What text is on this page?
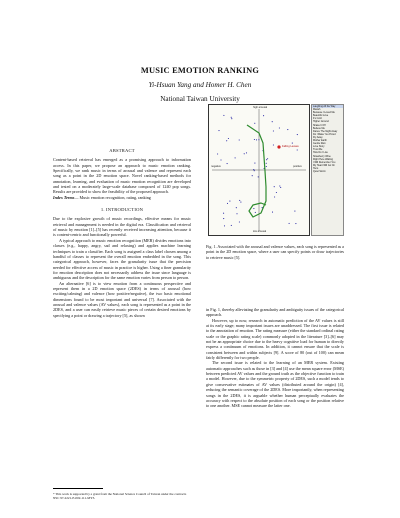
MUSIC EMOTION RANKING
Yi-Hsuan Yang and Homer H. Chen
National Taiwan University
ABSTRACT

Content-based retrieval has emerged as a promising approach to information access. In this paper, we propose an approach to music emotion ranking. Specifically, we rank music in terms of arousal and valence and represent each song as a point in the 2D emotion space. Novel ranking-based methods for annotation, learning, and evaluation of music emotion recognition are developed and tested on a moderately large-scale database composed of 1240 pop songs. Results are provided to show the feasibility of the proposed approach.

Index Terms— Music emotion recognition, rating, ranking

1. INTRODUCTION

Due to the explosive growth of music recordings, effective means for music retrieval and management is needed in the digital era. Classification and retrieval of music by emotion [1]–[5] has recently received increasing attention, because it is content-centric and functionally powerful.

A typical approach to music emotion recognition (MER) divides emotions into classes (e.g., happy, angry, sad and relaxing) and applies machine learning techniques to train a classifier. Each song is assigned a class label chosen among a handful of classes to represent the overall emotion embedded in the song. This categorical approach, however, faces the granularity issue that the precision needed for effective access of music in practice is higher. Using a finer granularity for emotion description does not necessarily address the issue since language is ambiguous and the description for the same emotion varies from person to person.

An alternative [6] is to view emotion from a continuous perspective and represent them in a 2D emotion space (2DES) in terms of arousal (how exciting/calming) and valence (how positive/negative), the two basic emotional dimensions found to be most important and universal [7]. Associated with the arousal and valence values (AV values), each song is represented as a point in the 2DES, and a user can easily retrieve music pieces of certain desired emotions by specifying a point or drawing a trajectory [5], as shown

high arousal
low arousal
negative	positive
Falling Leaves
Laughing All the Way
Mariah
Because I Loved Me
Beautiful Love
It's Cold
Higher Ground
Shake It Off
Believe Me
Dance The Night Away
Do I Make You Proud
Fly Away
Mother Earth
Gentle Rain
Love Story
Trust Me
How Do I Live
Strawberry Wine
Right Here Waiting
I Will Remember You
My Heart Will Go On
Hero
Quiet Storm
Fig. 1. Associated with the arousal and valence values, each song is represented as a point in the 2D emotion space, where a user can specify points or draw trajectories to retrieve music [5].

in Fig. 1, thereby alleviating the granularity and ambiguity issues of the categorical approach.

However, up to now, research in automatic prediction of the AV values is still at its early stage; many important issues are unaddressed. The first issue is related to the annotation of emotion. The rating measure (either the standard ordinal rating scale or the graphic rating scale) commonly adopted in the literature [3]–[6] may not be an appropriate choice due to the heavy cognitive load for human to directly express a continuum of emotions. In addition, it cannot ensure that the scale is consistent between and within subjects [9]. A score of 80 (out of 100) can mean fairly differently for two people.

The second issue is related to the learning of an MER system. Existing automatic approaches such as those in [3] and [4] use the mean square error (MSE) between predicted AV values and the ground truth as the objective function to train a model. However, due to the symmetric property of 2DES, such a model tends to give conservative estimates of AV values (distributed around the origin) [4], reducing the semantic coverage of the 2DES. More importantly, when representing songs in the 2DES, it is arguable whether human perceptually evaluates the accuracy with respect to the absolute position of each song or the position relative to one another. MSE cannot measure the latter one.

* This work is supported by a grant from the National Science Council of Taiwan under the contracts NSC 97-2221-E-002-111-MY3.
